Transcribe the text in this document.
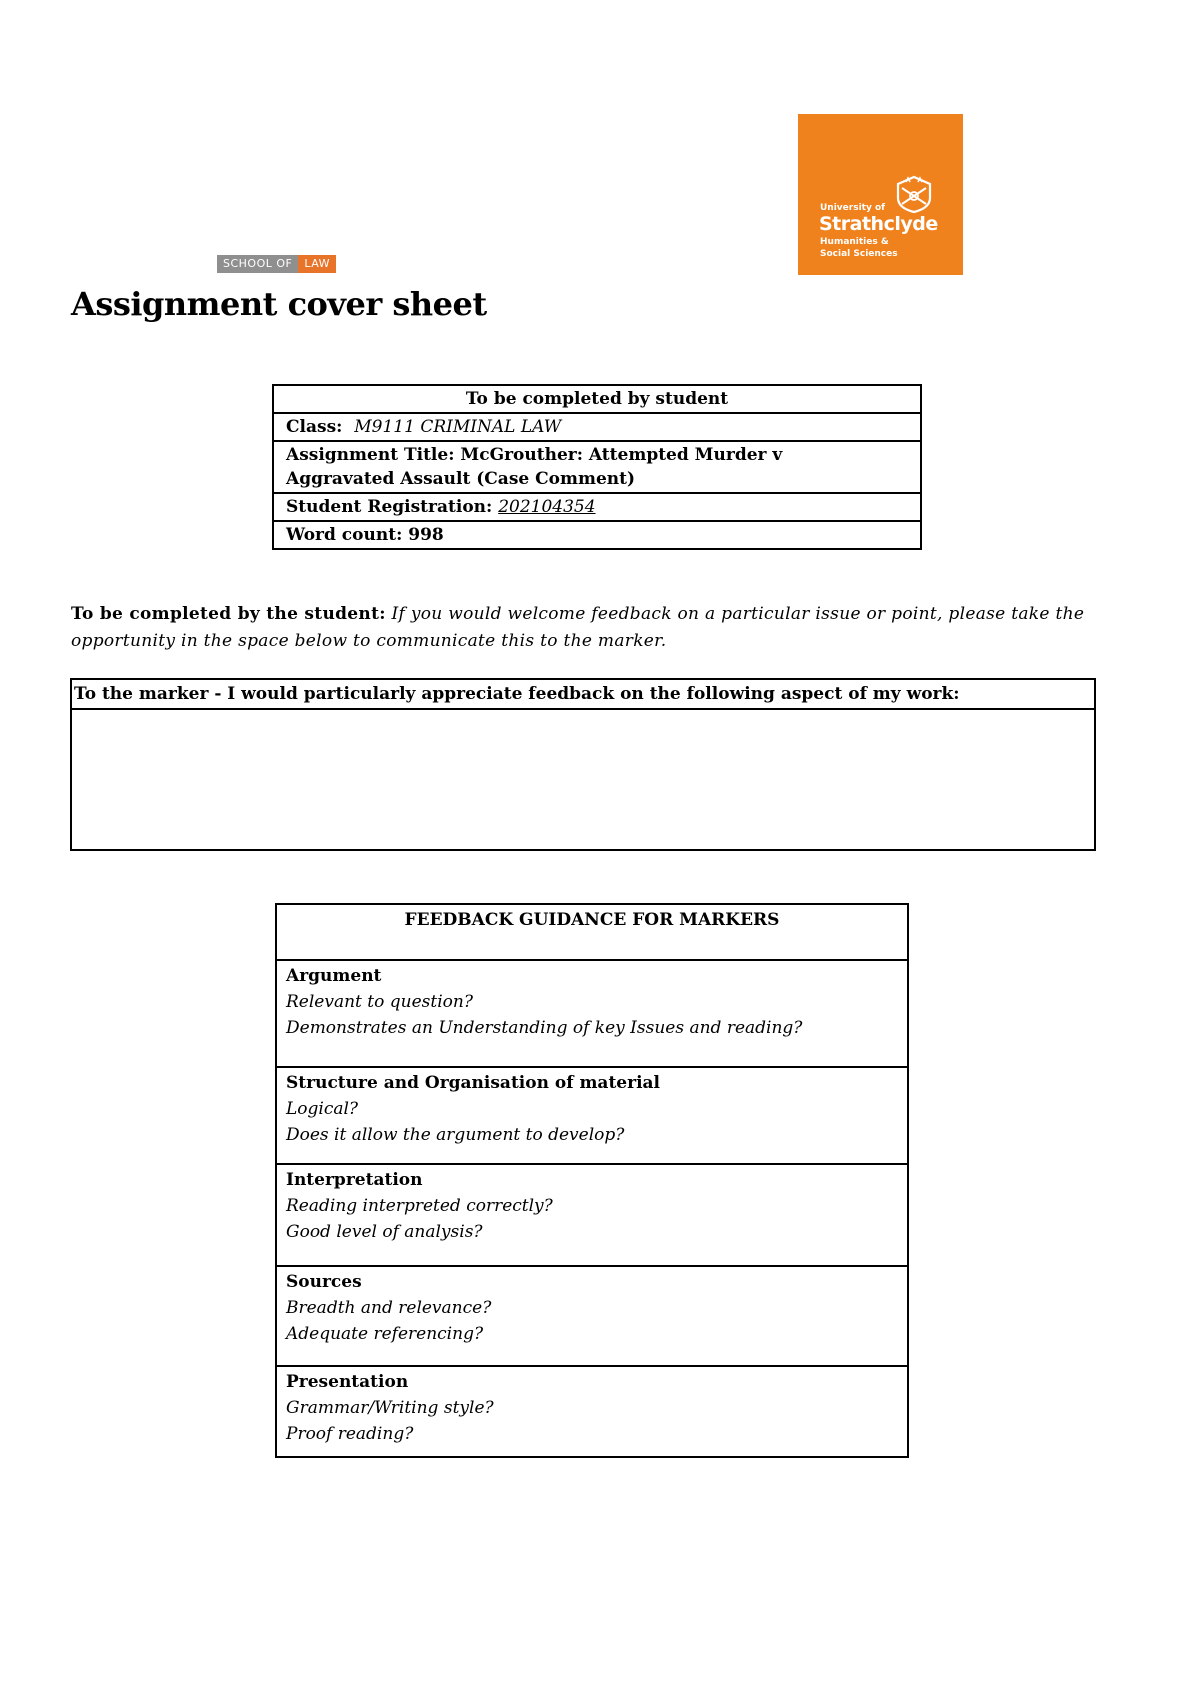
SCHOOL OF	LAW
University of
Strathclyde
Humanities &
Social Sciences
Assignment cover sheet
To be completed by student
Class: M9111 CRIMINAL LAW

Assignment Title: McGrouther: Attempted Murder v
Aggravated Assault (Case Comment)

Student Registration: 202104354
Word count: 998
To be completed by the student: If you would welcome feedback on a particular issue or point, please take the opportunity in the space below to communicate this to the marker.
To the marker - I would particularly appreciate feedback on the following aspect of my work:
FEEDBACK GUIDANCE FOR MARKERS
Argument
Relevant to question?
Demonstrates an Understanding of key Issues and reading?
Structure and Organisation of material
Logical?
Does it allow the argument to develop?
Interpretation
Reading interpreted correctly?
Good level of analysis?
Sources
Breadth and relevance?
Adequate referencing?
Presentation
Grammar/Writing style?
Proof reading?
